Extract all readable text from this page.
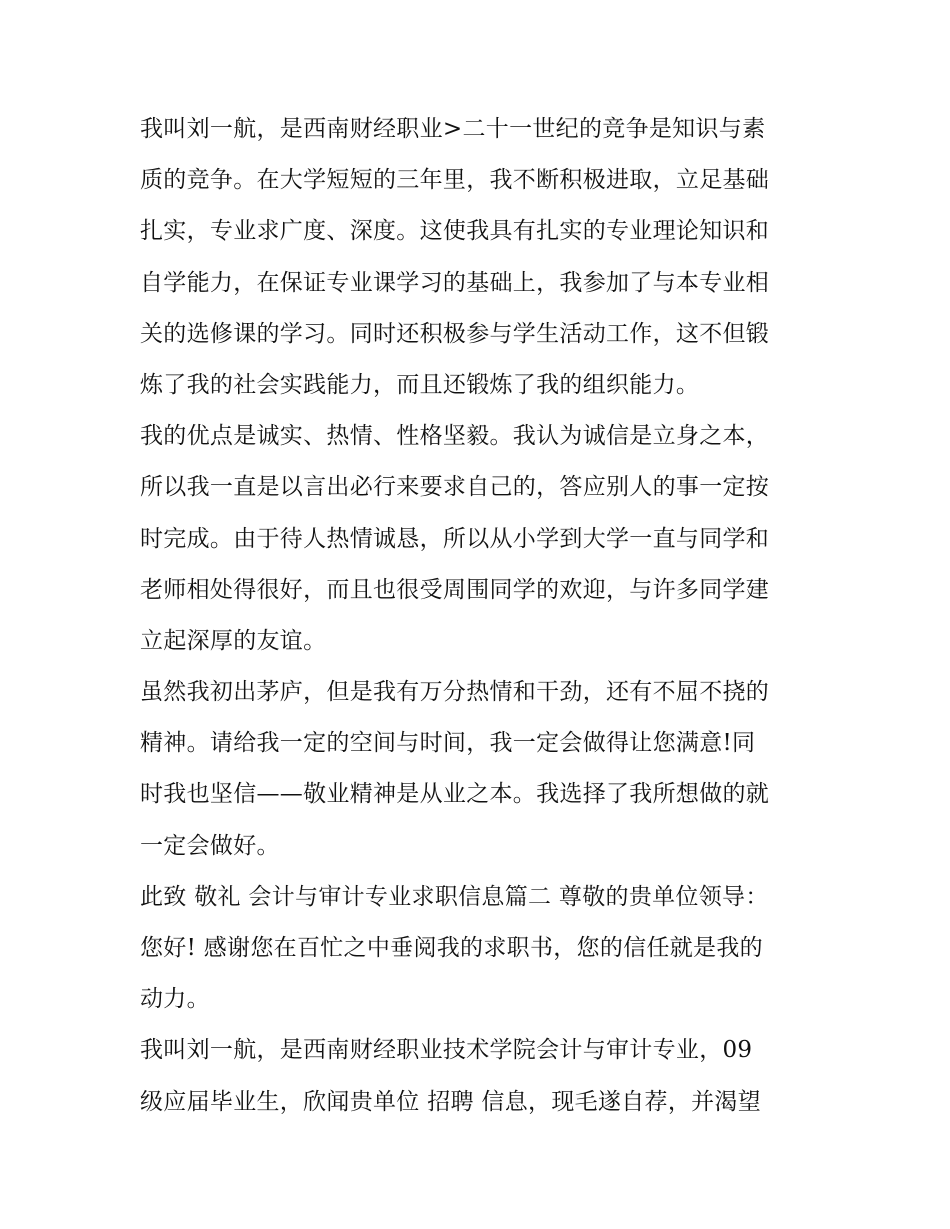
我叫刘一航，是西南财经职业>二十一世纪的竞争是知识与素
质的竞争。在大学短短的三年里，我不断积极进取，立足基础
扎实，专业求广度、深度。这使我具有扎实的专业理论知识和
自学能力，在保证专业课学习的基础上，我参加了与本专业相
关的选修课的学习。同时还积极参与学生活动工作，这不但锻
炼了我的社会实践能力，而且还锻炼了我的组织能力。
我的优点是诚实、热情、性格坚毅。我认为诚信是立身之本，
所以我一直是以言出必行来要求自己的，答应别人的事一定按
时完成。由于待人热情诚恳，所以从小学到大学一直与同学和
老师相处得很好，而且也很受周围同学的欢迎，与许多同学建
立起深厚的友谊。
虽然我初出茅庐，但是我有万分热情和干劲，还有不屈不挠的
精神。请给我一定的空间与时间，我一定会做得让您满意!同
时我也坚信——敬业精神是从业之本。我选择了我所想做的就
一定会做好。
此致 敬礼 会计与审计专业求职信息篇二 尊敬的贵单位领导：
您好! 感谢您在百忙之中垂阅我的求职书，您的信任就是我的
动力。
我叫刘一航，是西南财经职业技术学院会计与审计专业，09
级应届毕业生，欣闻贵单位 招聘 信息，现毛遂自荐，并渴望
